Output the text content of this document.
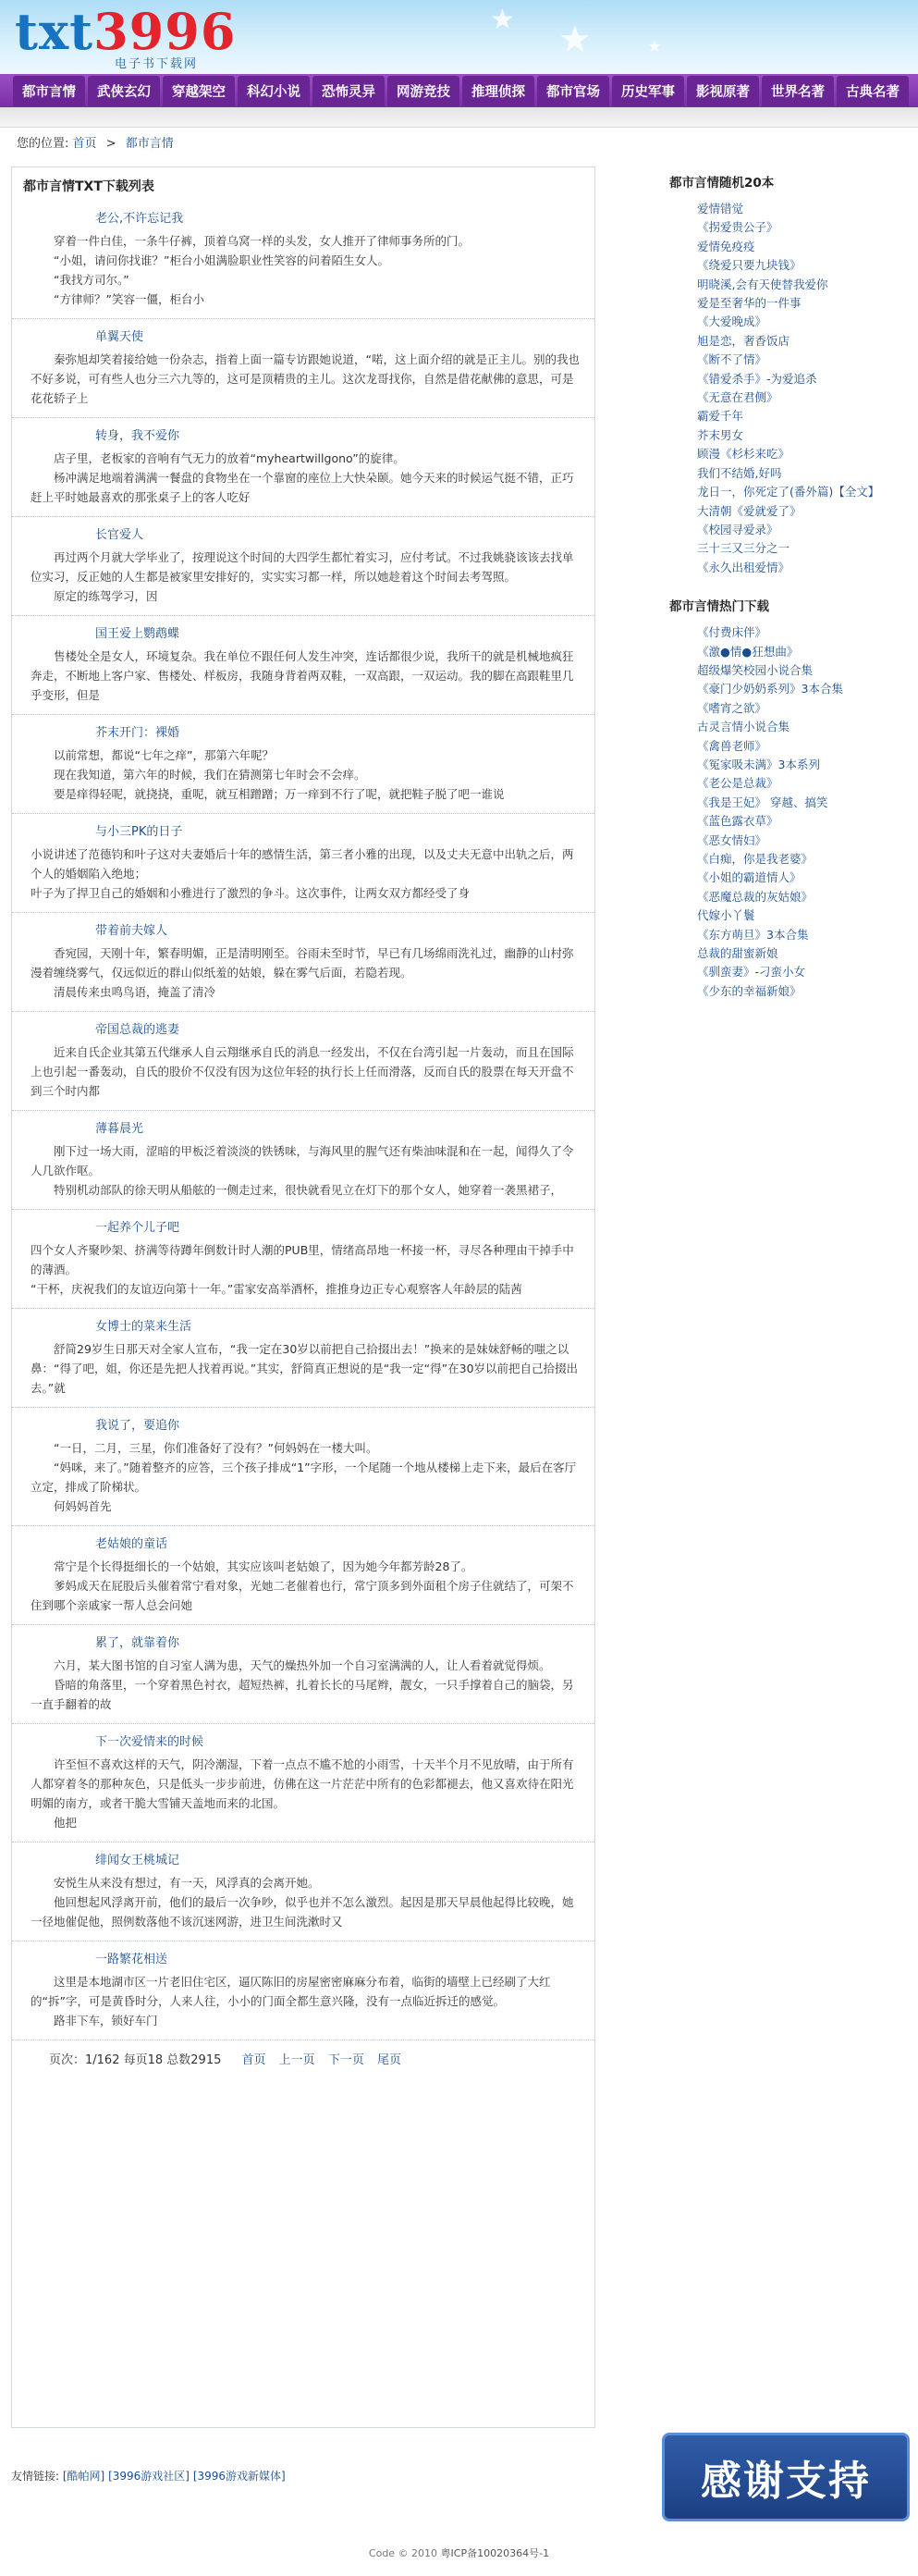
txt3996
电子书下载网
★ ★	★
都市言情	武侠玄幻	穿越架空	科幻小说	恐怖灵异	网游竞技	推理侦探	都市官场	历史军事	影视原著	世界名著	古典名著
您的位置: 首页 > 都市言情
都市言情TXT下载列表
老公,不许忘记我

穿着一件白佳，一条牛仔裤，顶着乌窝一样的头发，女人推开了律师事务所的门。

“小姐，请问你找谁？”柜台小姐满脸职业性笑容的问着陌生女人。

“我找方司尔。”

“方律师？”笑容一僵，柜台小

单翼天使

秦弥旭却笑着接给她一份杂志，指着上面一篇专访跟她说道，“喏，这上面介绍的就是正主儿。别的我也不好多说，可有些人也分三六九等的，这可是顶精贵的主儿。这次龙哥找你，自然是借花献佛的意思，可是花花轿子上

转身，我不爱你

店子里，老板家的音响有气无力的放着“myheartwillgono”的旋律。

杨冲满足地端着满满一餐盘的食物坐在一个靠窗的座位上大快朵颐。她今天来的时候运气挺不错，正巧赶上平时她最喜欢的那张桌子上的客人吃好

长官爱人

再过两个月就大学毕业了，按理说这个时间的大四学生都忙着实习，应付考试。不过我姚骁该该去找单位实习，反正她的人生都是被家里安排好的，实实实习都一样，所以她趁着这个时间去考驾照。

原定的练驾学习，因

国王爱上鹦鹉蝶

售楼处全是女人，环境复杂。我在单位不跟任何人发生冲突，连话都很少说，我所干的就是机械地疯狂奔走，不断地上客户家、售楼处、样板房，我随身背着两双鞋，一双高跟，一双运动。我的脚在高跟鞋里几乎变形，但是

芥末开门：裸婚

以前常想，都说“七年之痒”，那第六年呢？

现在我知道，第六年的时候，我们在猜测第七年时会不会痒。

要是痒得轻呢，就挠挠，重呢，就互相蹭蹭；万一痒到不行了呢，就把鞋子脱了吧一谁说

与小三PK的日子

小说讲述了范德钧和叶子这对夫妻婚后十年的感情生活，第三者小雅的出现，以及丈夫无意中出轨之后，两个人的婚姻陷入绝地；

叶子为了捍卫自己的婚姻和小雅进行了激烈的争斗。这次事件，让两女双方都经受了身

带着前夫嫁人

香宛园，天刚十年，繁春明媚，正是清明刚至。谷雨未至时节，早已有几场绵雨洗礼过，幽静的山村弥漫着缠绕雾气，仅远似近的群山似纸羞的姑娘，躲在雾气后面，若隐若现。

清晨传来虫鸣鸟语，掩盖了清冷

帝国总裁的逃妻

近来自氏企业其第五代继承人自云翔继承自氏的消息一经发出，不仅在台湾引起一片轰动，而且在国际上也引起一番轰动，自氏的股价不仅没有因为这位年轻的执行长上任而滑落，反而自氏的股票在每天开盘不到三个时内都

薄暮晨光

刚下过一场大雨，涩暗的甲板泛着淡淡的铁锈味，与海风里的腥气还有柴油味混和在一起，闻得久了令人几欲作呕。

特别机动部队的徐天明从船舷的一侧走过来，很快就看见立在灯下的那个女人，她穿着一袭黑裙子，

一起养个儿子吧

四个女人齐聚吵架、挤满等待蹲年倒数计时人潮的PUB里，情绪高昂地一杯接一杯，寻尽各种理由干掉手中的薄酒。

“干杯，庆祝我们的友谊迈向第十一年。”雷家安高举酒杯，推推身边正专心观察客人年龄层的陆茜

女博士的菜来生活

舒简29岁生日那天对全家人宣布，“我一定在30岁以前把自己拾掇出去！”换来的是妹妹舒畅的嗤之以鼻：“得了吧，姐，你还是先把人找着再说。”其实，舒简真正想说的是“我一定“得”在30岁以前把自己拾掇出去。”就

我说了，要追你

“一日，二月，三星，你们准备好了没有？”何妈妈在一楼大叫。

“妈咪，来了。”随着整齐的应答，三个孩子排成“1”字形，一个尾随一个地从楼梯上走下来，最后在客厅立定，排成了阶梯状。

何妈妈首先

老姑娘的童话

常宁是个长得挺细长的一个姑娘，其实应该叫老姑娘了，因为她今年都芳龄28了。

爹妈成天在屁股后头催着常宁看对象，光她二老催着也行，常宁顶多到外面租个房子住就结了，可架不住到哪个亲戚家一帮人总会问她

累了，就靠着你

六月，某大图书馆的自习室人满为患，天气的燥热外加一个自习室满满的人，让人看着就觉得烦。

昏暗的角落里，一个穿着黑色衬衣，超短热裤，扎着长长的马尾辫，靓女，一只手撑着自己的脑袋，另一直手翻着的故

下一次爱情来的时候

许至恒不喜欢这样的天气，阴冷潮湿，下着一点点不尴不尬的小雨雪，十天半个月不见放晴，由于所有人都穿着冬的那种灰色，只是低头一步步前进，仿佛在这一片茫茫中所有的色彩都褪去，他又喜欢待在阳光明媚的南方，或者干脆大雪铺天盖地而来的北国。

他把

绯闻女王桃城记

安悦生从来没有想过，有一天，风浮真的会离开她。

他回想起风浮离开前，他们的最后一次争吵，似乎也并不怎么激烈。起因是那天早晨他起得比较晚，她一径地催促他，照例数落他不该沉迷网游，进卫生间洗漱时又

一路繁花相送

这里是本地湖市区一片老旧住宅区，逼仄陈旧的房屋密密麻麻分布着，临街的墙壁上已经刷了大红的“拆”字，可是黄昏时分，人来人往，小小的门面全都生意兴隆，没有一点临近拆迁的感觉。

路非下车，锁好车门

页次：1/162 每页18 总数2915 首页 上一页 下一页 尾页
都市言情随机20本
爱情错觉
《拐爱贵公子》
爱情免疫疫
《绕爱只要九块钱》
明晓溪,会有天使替我爱你
爱是至奢华的一件事
《大爱晚成》
旭是恋，奢香饭店
《断不了情》
《错爱杀手》-为爱追杀
《无意在君侧》
霸爱千年
芥末男女
顾漫《杉杉来吃》
我们不结婚,好吗
龙日一，你死定了(番外篇)【全文】
大清朝《爱就爱了》
《校园寻爱录》
三十三又三分之一
《永久出租爱情》
都市言情热门下载
《付费床伴》
《激●情●狂想曲》
超级爆笑校园小说合集
《豪门少奶奶系列》3本合集
《嗜宵之欲》
古灵言情小说合集
《禽兽老师》
《冤家吸未满》3本系列
《老公是总裁》
《我是王妃》 穿越、搞笑
《蓝色露衣草》
《恶女情妇》
《白痴，你是我老婆》
《小姐的霸道情人》
《恶魔总裁的灰姑娘》
代嫁小丫鬟
《东方萌旦》3本合集
总裁的甜蜜新娘
《驯蛮妻》-刁蛮小女
《少东的幸福新娘》
友情链接: [酷帕网] [3996游戏社区] [3996游戏新媒体]	感谢支持
Code © 2010 粤ICP备10020364号-1
